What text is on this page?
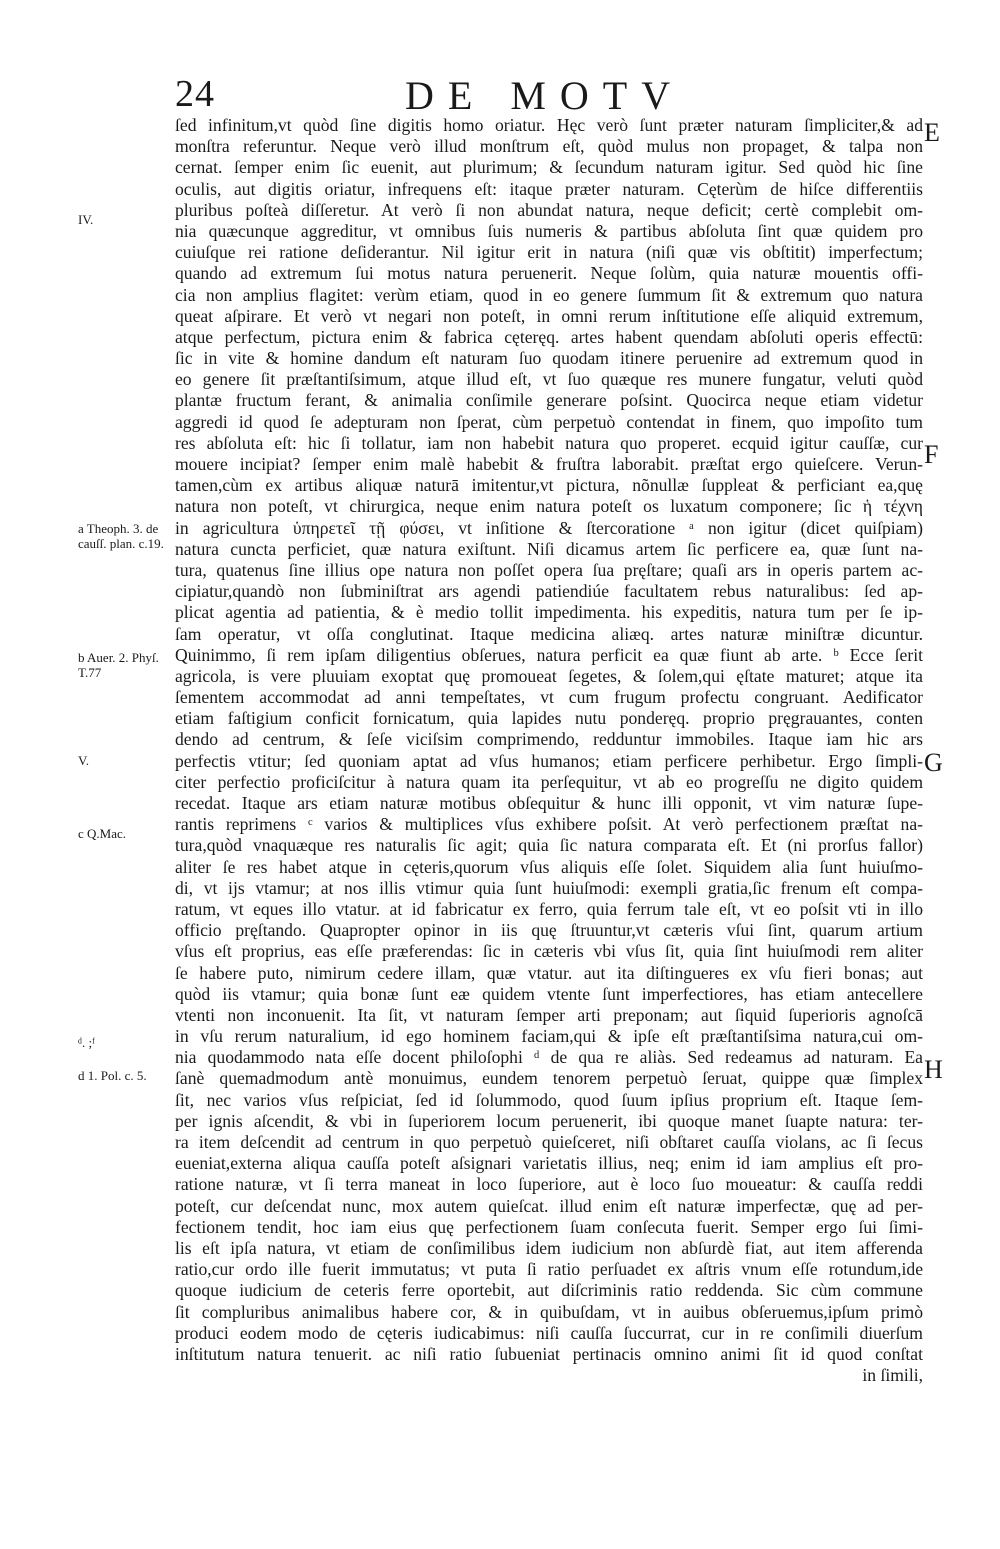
24	DE MOTV
IV.
a Theoph. 3. de cauſſ. plan. c.19.
b Auer. 2. Phyſ. T.77
V.
c Q.Mac.
ᵈ. ;ᶠ
d 1. Pol. c. 5.
E
F
G
H
ſed infinitum,vt quòd ſine digitis homo oriatur. Hęc verò ſunt præter naturam ſimpliciter,& ad
monſtra referuntur. Neque verò illud monſtrum eſt, quòd mulus non propaget, & talpa non
cernat. ſemper enim ſic euenit, aut plurimum; & ſecundum naturam igitur. Sed quòd hic ſine
oculis, aut digitis oriatur, infrequens eſt: itaque præter naturam. Cęterùm de hiſce differentiis
pluribus poſteà diſſeretur. At verò ſi non abundat natura, neque deficit; certè complebit om-
nia quæcunque aggreditur, vt omnibus ſuis numeris & partibus abſoluta ſint quæ quidem pro
cuiuſque rei ratione deſiderantur. Nil igitur erit in natura (niſi quæ vis obſtitit) imperfectum;
quando ad extremum ſui motus natura peruenerit. Neque ſolùm, quia naturæ mouentis offi-
cia non amplius flagitet: verùm etiam, quod in eo genere ſummum ſit & extremum quo natura
queat aſpirare. Et verò vt negari non poteſt, in omni rerum inſtitutione eſſe aliquid extremum,
atque perfectum, pictura enim & fabrica cęteręq. artes habent quendam abſoluti operis effectū:
ſic in vite & homine dandum eſt naturam ſuo quodam itinere peruenire ad extremum quod in
eo genere ſit præſtantiſsimum, atque illud eſt, vt ſuo quæque res munere fungatur, veluti quòd
plantæ fructum ferant, & animalia conſimile generare poſsint. Quocirca neque etiam videtur
aggredi id quod ſe adepturam non ſperat, cùm perpetuò contendat in finem, quo impoſito tum
res abſoluta eſt: hic ſi tollatur, iam non habebit natura quo properet. ecquid igitur cauſſæ, cur
mouere incipiat? ſemper enim malè habebit & fruſtra laborabit. præſtat ergo quieſcere. Verun-
tamen,cùm ex artibus aliquæ naturā imitentur,vt pictura, nõnullæ ſuppleat & perficiant ea,quę
natura non poteſt, vt chirurgica, neque enim natura poteſt os luxatum componere; ſic ἡ τέχνη
in agricultura ὑπηρετεῖ τῇ φύσει, vt inſitione & ſtercoratione ᵃ non igitur (dicet quiſpiam)
natura cuncta perficiet, quæ natura exiſtunt. Niſi dicamus artem ſic perficere ea, quæ ſunt na-
tura, quatenus ſine illius ope natura non poſſet opera ſua pręſtare; quaſi ars in operis partem ac-
cipiatur,quandò non ſubminiſtrat ars agendi patiendiúe facultatem rebus naturalibus: ſed ap-
plicat agentia ad patientia, & è medio tollit impedimenta. his expeditis, natura tum per ſe ip-
ſam operatur, vt oſſa conglutinat. Itaque medicina aliæq. artes naturæ miniſtræ dicuntur.
Quinimmo, ſi rem ipſam diligentius obſerues, natura perficit ea quæ fiunt ab arte. ᵇ Ecce ſerit
agricola, is vere pluuiam exoptat quę promoueat ſegetes, & ſolem,qui ęſtate maturet; atque ita
ſementem accommodat ad anni tempeſtates, vt cum frugum profectu congruant. Aedificator
etiam faſtigium conficit fornicatum, quia lapides nutu ponderęq. proprio pręgrauantes, conten
dendo ad centrum, & ſeſe viciſsim comprimendo, redduntur immobiles. Itaque iam hic ars
perfectis vtitur; ſed quoniam aptat ad vſus humanos; etiam perficere perhibetur. Ergo ſimpli-
citer perfectio proficiſcitur à natura quam ita perſequitur, vt ab eo progreſſu ne digito quidem
recedat. Itaque ars etiam naturæ motibus obſequitur & hunc illi opponit, vt vim naturæ ſupe-
rantis reprimens ᶜ varios & multiplices vſus exhibere poſsit. At verò perfectionem præſtat na-
tura,quòd vnaquæque res naturalis ſic agit; quia ſic natura comparata eſt. Et (ni prorſus fallor)
aliter ſe res habet atque in cęteris,quorum vſus aliquis eſſe ſolet. Siquidem alia ſunt huiuſmo-
di, vt ijs vtamur; at nos illis vtimur quia ſunt huiuſmodi: exempli gratia,ſic frenum eſt compa-
ratum, vt eques illo vtatur. at id fabricatur ex ferro, quia ferrum tale eſt, vt eo poſsit vti in illo
officio pręſtando. Quapropter opinor in iis quę ſtruuntur,vt cæteris vſui ſint, quarum artium
vſus eſt proprius, eas eſſe præferendas: ſic in cæteris vbi vſus ſit, quia ſint huiuſmodi rem aliter
ſe habere puto, nimirum cedere illam, quæ vtatur. aut ita diſtingueres ex vſu fieri bonas; aut
quòd iis vtamur; quia bonæ ſunt eæ quidem vtente ſunt imperfectiores, has etiam antecellere
vtenti non inconuenit. Ita ſit, vt naturam ſemper arti preponam; aut ſiquid ſuperioris agnoſcā
in vſu rerum naturalium, id ego hominem faciam,qui & ipſe eſt præſtantiſsima natura,cui om-
nia quodammodo nata eſſe docent philoſophi ᵈ de qua re aliàs. Sed redeamus ad naturam. Ea
ſanè quemadmodum antè monuimus, eundem tenorem perpetuò ſeruat, quippe quæ ſimplex
ſit, nec varios vſus reſpiciat, ſed id ſolummodo, quod ſuum ipſius proprium eſt. Itaque ſem-
per ignis aſcendit, & vbi in ſuperiorem locum peruenerit, ibi quoque manet ſuapte natura: ter-
ra item deſcendit ad centrum in quo perpetuò quieſceret, niſi obſtaret cauſſa violans, ac ſi ſecus
eueniat,externa aliqua cauſſa poteſt aſsignari varietatis illius, neq; enim id iam amplius eſt pro-
ratione naturæ, vt ſi terra maneat in loco ſuperiore, aut è loco ſuo moueatur: & cauſſa reddi
poteſt, cur deſcendat nunc, mox autem quieſcat. illud enim eſt naturæ imperfectæ, quę ad per-
fectionem tendit, hoc iam eius quę perfectionem ſuam conſecuta fuerit. Semper ergo ſui ſimi-
lis eſt ipſa natura, vt etiam de conſimilibus idem iudicium non abſurdè fiat, aut item afferenda
ratio,cur ordo ille fuerit immutatus; vt puta ſi ratio perſuadet ex aſtris vnum eſſe rotundum,ide
quoque iudicium de ceteris ferre oportebit, aut diſcriminis ratio reddenda. Sic cùm commune
ſit compluribus animalibus habere cor, & in quibuſdam, vt in auibus obſeruemus,ipſum primò
produci eodem modo de cęteris iudicabimus: niſi cauſſa ſuccurrat, cur in re conſimili diuerſum
inſtitutum natura tenuerit. ac niſi ratio ſubueniat pertinacis omnino animi ſit id quod conſtat
in ſimili,
